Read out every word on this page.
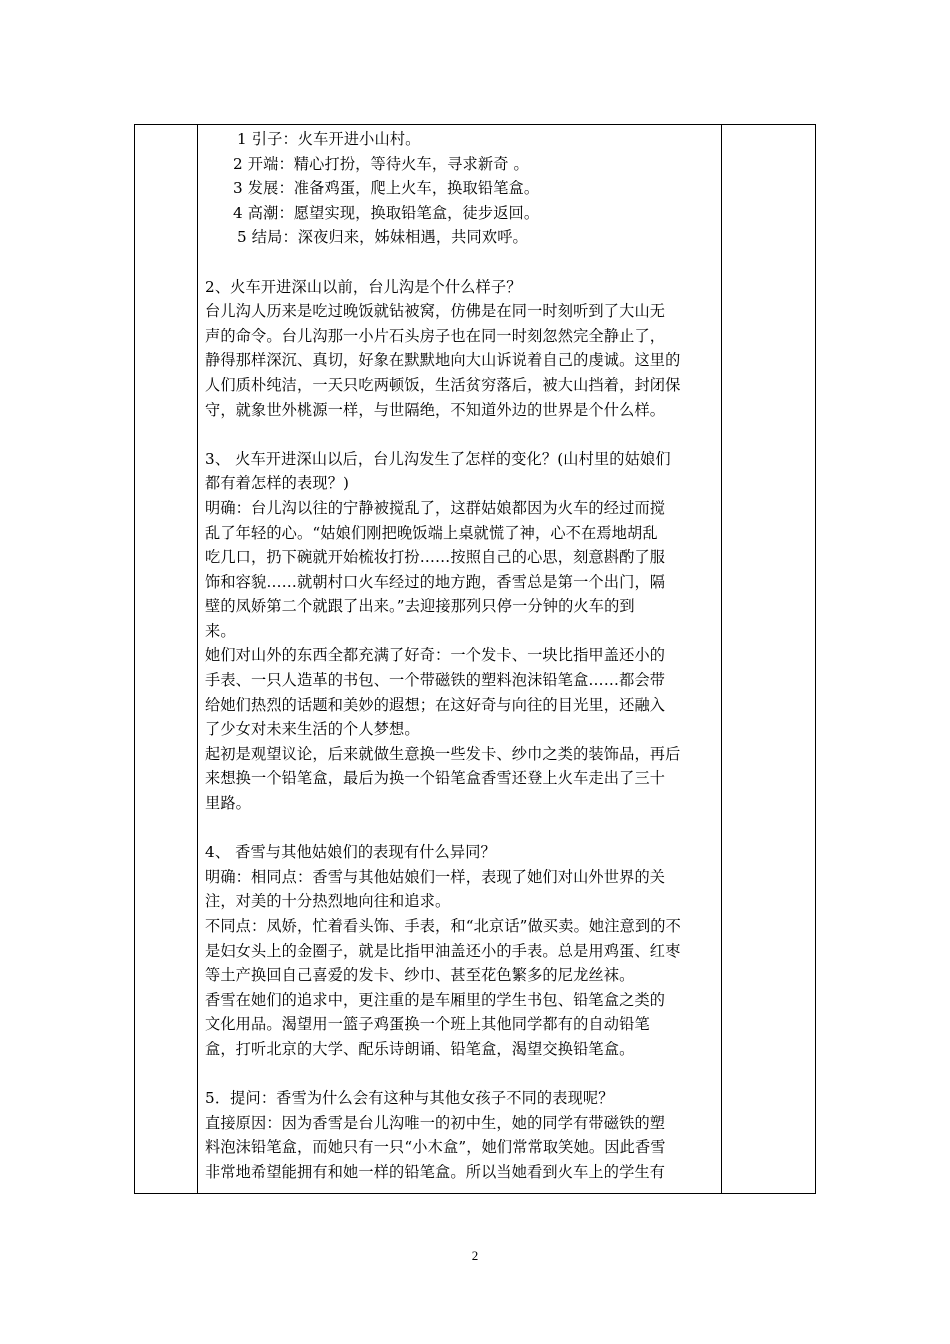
1 引子：火车开进小山村。
2 开端：精心打扮，等待火车，寻求新奇 。
3 发展：准备鸡蛋，爬上火车，换取铅笔盒。
4 高潮：愿望实现，换取铅笔盒，徒步返回。
5 结局：深夜归来，姊妹相遇，共同欢呼。
2、火车开进深山以前，台儿沟是个什么样子？
台儿沟人历来是吃过晚饭就钻被窝，仿佛是在同一时刻听到了大山无
声的命令。台儿沟那一小片石头房子也在同一时刻忽然完全静止了，
静得那样深沉、真切，好象在默默地向大山诉说着自己的虔诚。这里的
人们质朴纯洁，一天只吃两顿饭，生活贫穷落后，被大山挡着，封闭保
守，就象世外桃源一样，与世隔绝，不知道外边的世界是个什么样。
3、 火车开进深山以后，台儿沟发生了怎样的变化？(山村里的姑娘们
都有着怎样的表现？)
明确：台儿沟以往的宁静被搅乱了，这群姑娘都因为火车的经过而搅
乱了年轻的心。“姑娘们刚把晚饭端上桌就慌了神，心不在焉地胡乱
吃几口，扔下碗就开始梳妆打扮……按照自己的心思，刻意斟酌了服
饰和容貌……就朝村口火车经过的地方跑，香雪总是第一个出门，隔
壁的凤娇第二个就跟了出来。”去迎接那列只停一分钟的火车的到
来。
她们对山外的东西全都充满了好奇：一个发卡、一块比指甲盖还小的
手表、一只人造革的书包、一个带磁铁的塑料泡沫铅笔盒……都会带
给她们热烈的话题和美妙的遐想；在这好奇与向往的目光里，还融入
了少女对未来生活的个人梦想。
起初是观望议论，后来就做生意换一些发卡、纱巾之类的装饰品，再后
来想换一个铅笔盒，最后为换一个铅笔盒香雪还登上火车走出了三十
里路。
4、 香雪与其他姑娘们的表现有什么异同？
明确：相同点：香雪与其他姑娘们一样，表现了她们对山外世界的关
注，对美的十分热烈地向往和追求。
不同点：凤娇，忙着看头饰、手表，和“北京话”做买卖。她注意到的不
是妇女头上的金圈子，就是比指甲油盖还小的手表。总是用鸡蛋、红枣
等土产换回自己喜爱的发卡、纱巾、甚至花色繁多的尼龙丝袜。
香雪在她们的追求中，更注重的是车厢里的学生书包、铅笔盒之类的
文化用品。渴望用一篮子鸡蛋换一个班上其他同学都有的自动铅笔
盒，打听北京的大学、配乐诗朗诵、铅笔盒，渴望交换铅笔盒。
5．提问：香雪为什么会有这种与其他女孩子不同的表现呢？
直接原因：因为香雪是台儿沟唯一的初中生，她的同学有带磁铁的塑
料泡沫铅笔盒，而她只有一只“小木盒”，她们常常取笑她。因此香雪
非常地希望能拥有和她一样的铅笔盒。所以当她看到火车上的学生有
2
